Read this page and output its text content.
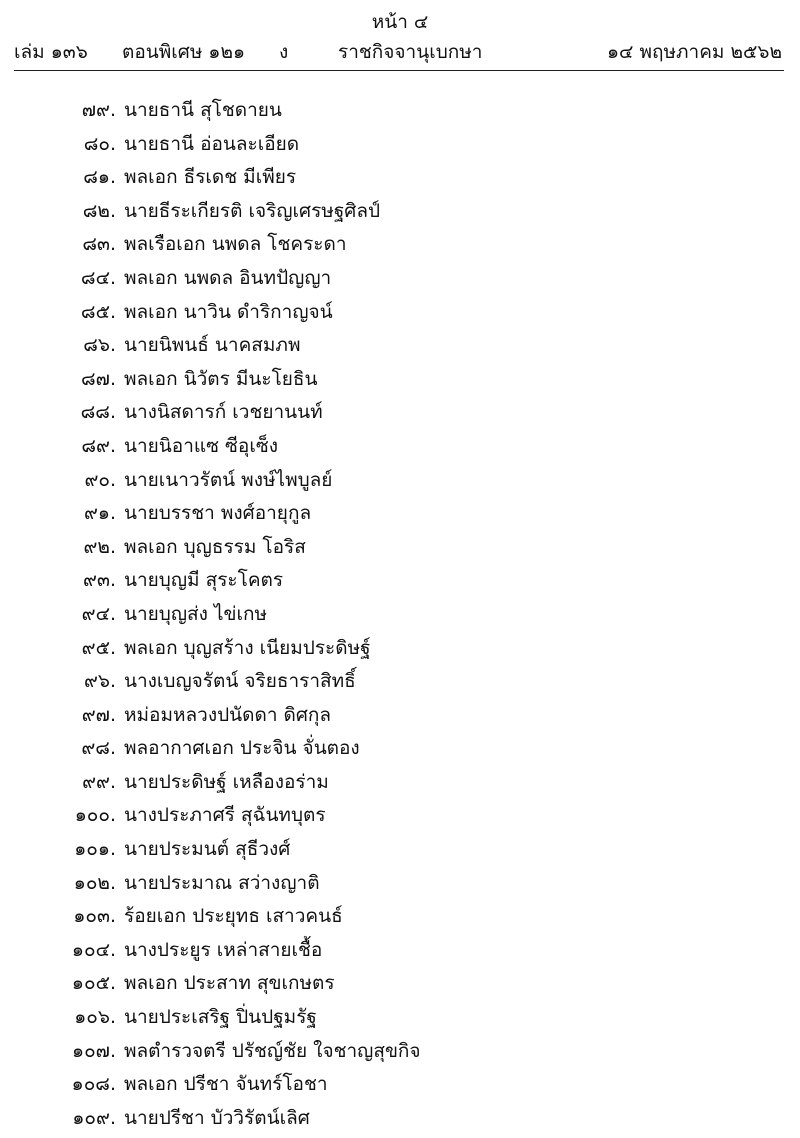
หน้า ๔
เล่ม ๑๓๖ ตอนพิเศษ ๑๒๑ ง	ราชกิจจานุเบกษา	๑๔ พฤษภาคม ๒๕๖๒
๗๙. นายธานี สุโชดายน
๘๐. นายธานี อ่อนละเอียด
๘๑. พลเอก ธีรเดช มีเพียร
๘๒. นายธีระเกียรติ เจริญเศรษฐศิลป์
๘๓. พลเรือเอก นพดล โชคระดา
๘๔. พลเอก นพดล อินทปัญญา
๘๕. พลเอก นาวิน ดำริกาญจน์
๘๖. นายนิพนธ์ นาคสมภพ
๘๗. พลเอก นิวัตร มีนะโยธิน
๘๘. นางนิสดารก์ เวชยานนท์
๘๙. นายนิอาแซ ซีอุเซ็ง
๙๐. นายเนาวรัตน์ พงษ์ไพบูลย์
๙๑. นายบรรชา พงศ์อายุกูล
๙๒. พลเอก บุญธรรม โอริส
๙๓. นายบุญมี สุระโคตร
๙๔. นายบุญส่ง ไข่เกษ
๙๕. พลเอก บุญสร้าง เนียมประดิษฐ์
๙๖. นางเบญจรัตน์ จริยธาราสิทธิ์
๙๗. หม่อมหลวงปนัดดา ดิศกุล
๙๘. พลอากาศเอก ประจิน จั่นตอง
๙๙. นายประดิษฐ์ เหลืองอร่าม
๑๐๐. นางประภาศรี สุฉันทบุตร
๑๐๑. นายประมนต์ สุธีวงศ์
๑๐๒. นายประมาณ สว่างญาติ
๑๐๓. ร้อยเอก ประยุทธ เสาวคนธ์
๑๐๔. นางประยูร เหล่าสายเชื้อ
๑๐๕. พลเอก ประสาท สุขเกษตร
๑๐๖. นายประเสริฐ ปิ่นปฐมรัฐ
๑๐๗. พลตำรวจตรี ปรัชญ์ชัย ใจชาญสุขกิจ
๑๐๘. พลเอก ปรีชา จันทร์โอชา
๑๐๙. นายปรีชา บัววิรัตน์เลิศ
